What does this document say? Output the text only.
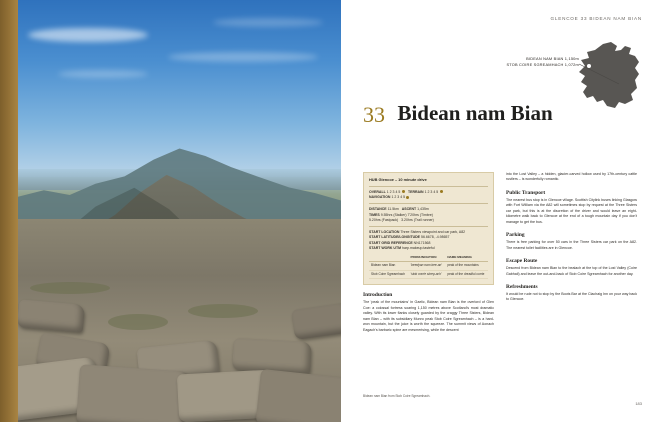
GLENCOE 33 BIDEAN NAM BIAN
BIDEAN NAM BIAN 1,150m
STOB COIRE SGREAMHACH 1,072m
33 Bidean nam Bian
HUB Glencoe – 10 minute drive
OVERALL 1 2 3 4 5 TERRAIN 1 2 3 4 5
NAVIGATION 1 2 3 4 5
DISTANCE 11.5km ASCENT 1,435m
TIMES 9.55hrs (Stalker) 7'20hrs (Timbre)
5.20hrs (Fastpack) 3.20hrs (Trail runner)
START LOCATION Three Sisters viewpoint and car park, A82
START LATITUDE/LONGITUDE 56.6678, -4.98657
START GRID REFERENCE NN171568
START WORK UTM harp.makeup.tasteful
	PRONUNCIATION	NAME MEANING
Bidean nam Bian	'beedyan nam bee-an'	peak of the mountains
Stob Coire Sgreamhach	'stob corrie skrep-ach'	peak of the dreadful corrie
Introduction

The 'peak of the mountains' in Gaelic, Bidean nam Bian is the overlord of Glen Coe: a colossal fortress soaring 1,150 metres above Scotland's most dramatic valley. With its lower flanks closely guarded by the craggy Three Sisters, Bidean nam Bian – with its subsidiary Munro peak Stob Coire Sgreamhach – is a hard-won mountain, but the juice is worth the squeeze. The summit views of Aonach Eagach's barbaric spine are mesmerising, while the descent

into the Lost Valley – a hidden, glacier-carved hollow used by 17th-century cattle rustlers – is wonderfully romantic.

Public Transport

The nearest bus stop is in Glencoe village. Scottish Citylink buses linking Glasgow with Fort William via the A82 will sometimes stop by request at the Three Sisters car park, but this is at the discretion of the driver and would leave an eight-kilometre walk back to Glencoe at the end of a tough mountain day if you don't manage to get the bus.

Parking

There is free parking for over 50 cars in the Three Sisters car park on the A82. The nearest toilet facilities are in Glencoe.

Escape Route

Descend from Bidean nam Bian to the bealach at the top of the Lost Valley (Coire Gabhail) and leave the out-and-back of Stob Coire Sgreamhach for another day.

Refreshments

It would be rude not to stop by the Boots Bar at the Clachaig Inn on your way back to Glencoe.

Bidean nam Bian from Stob Coire Sgreamhach.
183
